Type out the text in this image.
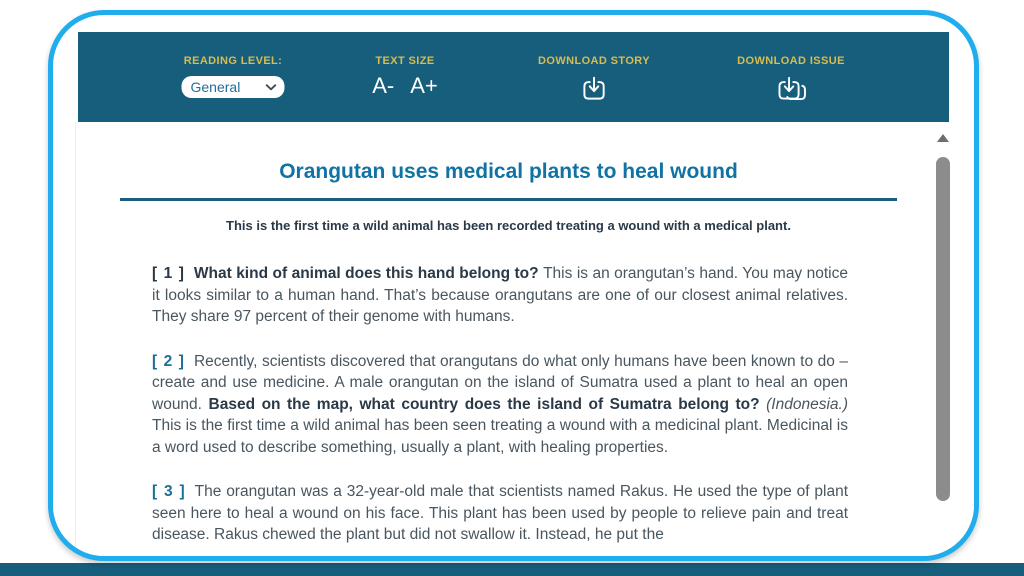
READING LEVEL:
General
TEXT SIZE
A- A+
DOWNLOAD STORY	DOWNLOAD ISSUE
Orangutan uses medical plants to heal wound

This is the first time a wild animal has been recorded treating a wound with a medical plant.

[ 1 ] What kind of animal does this hand belong to? This is an orangutan’s hand. You may notice it looks similar to a human hand. That’s because orangutans are one of our closest animal relatives. They share 97 percent of their genome with humans.

[ 2 ] Recently, scientists discovered that orangutans do what only humans have been known to do – create and use medicine. A male orangutan on the island of Sumatra used a plant to heal an open wound. Based on the map, what country does the island of Sumatra belong to? (Indonesia.) This is the first time a wild animal has been seen treating a wound with a medicinal plant. Medicinal is a word used to describe something, usually a plant, with healing properties.

[ 3 ] The orangutan was a 32-year-old male that scientists named Rakus. He used the type of plant seen here to heal a wound on his face. This plant has been used by people to relieve pain and treat disease. Rakus chewed the plant but did not swallow it. Instead, he put the
